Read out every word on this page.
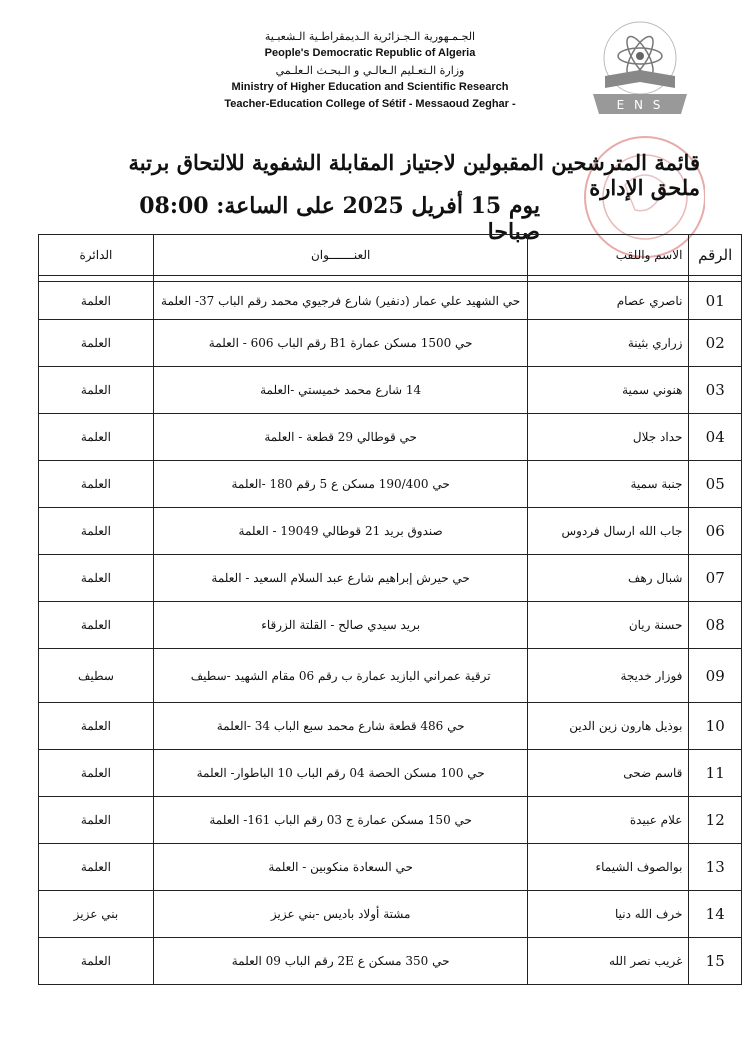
الجـمـهورية الـجـزائرية الـديمقراطـية الـشعبـية
People's Democratic Republic of Algeria
وزارة الـتعـليم الـعالـي و الـبحـث الـعلـمي
Ministry of Higher Education and Scientific Research
Teacher-Education College of Sétif - Messaoud Zeghar -	E N S
قائمة المترشحين المقبولين لاجتياز المقابلة الشفوية للالتحاق برتبة ملحق الإدارة
يوم 15 أفريل 2025 على الساعة: 08:00 صباحا
الرقم	الاسم واللقب	العنـــــــوان	الدائرة

01	ناصري عصام	حي الشهيد علي عمار (دنفير) شارع فرجيوي محمد رقم الباب 37- العلمة	العلمة
02	زراري بثينة	حي 1500 مسكن عمارة B1 رقم الباب 606 - العلمة	العلمة
03	هنوني سمية	14 شارع محمد خميستي -العلمة	العلمة
04	حداد جلال	حي قوطالي 29 قطعة - العلمة	العلمة
05	جنبة سمية	حي 190/400 مسكن ع 5 رقم 180 -العلمة	العلمة
06	جاب الله ارسال فردوس	صندوق بريد 21 قوطالي 19049 - العلمة	العلمة
07	شبال رهف	حي حيرش إبراهيم شارع عبد السلام السعيد - العلمة	العلمة
08	حسنة ريان	بريد سيدي صالح - القلتة الزرقاء	العلمة
09	فوزار خديجة	ترقية عمراني البازيد عمارة ب رقم 06 مقام الشهيد -سطيف	سطيف
10	بوذيل هارون زين الدين	حي 486 قطعة شارع محمد سبع الباب 34 -العلمة	العلمة
11	قاسم ضحى	حي 100 مسكن الحصة 04 رقم الباب 10 الباطوار- العلمة	العلمة
12	علام عبيدة	حي 150 مسكن عمارة ج 03 رقم الباب 161- العلمة	العلمة
13	بوالصوف الشيماء	حي السعادة منكوبين - العلمة	العلمة
14	خرف الله دنيا	مشتة أولاد باديس -بني عزيز	بني عزيز
15	غريب نصر الله	حي 350 مسكن ع 2E رقم الباب 09 العلمة	العلمة
